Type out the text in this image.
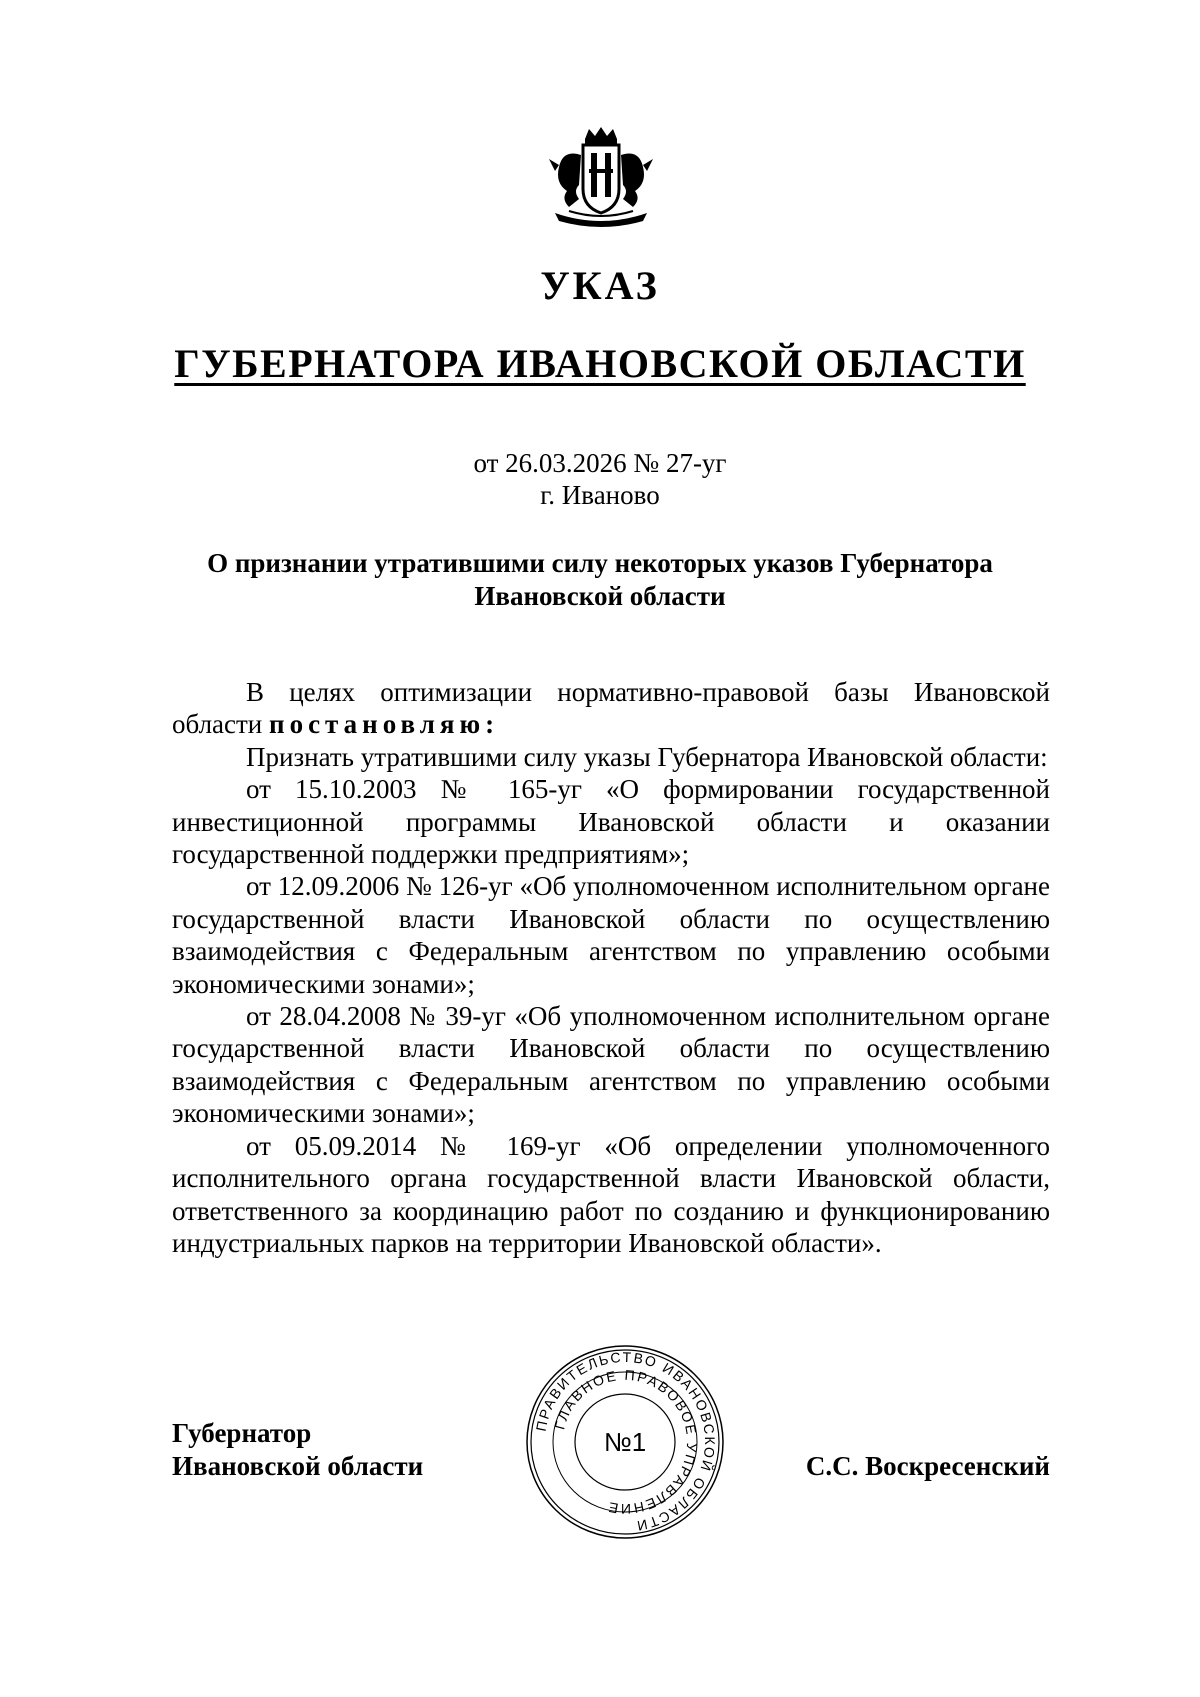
УКАЗ
ГУБЕРНАТОРА ИВАНОВСКОЙ ОБЛАСТИ
от 26.03.2026 № 27-уг
г. Иваново
О признании утратившими силу некоторых указов Губернатора
Ивановской области

В целях оптимизации нормативно-правовой базы Ивановской области постановляю:

Признать утратившими силу указы Губернатора Ивановской области:

от 15.10.2003 № 165-уг «О формировании государственной инвестиционной программы Ивановской области и оказании государственной поддержки предприятиям»;

от 12.09.2006 № 126-уг «Об уполномоченном исполнительном органе государственной власти Ивановской области по осуществлению взаимодействия с Федеральным агентством по управлению особыми экономическими зонами»;

от 28.04.2008 № 39-уг «Об уполномоченном исполнительном органе государственной власти Ивановской области по осуществлению взаимодействия с Федеральным агентством по управлению особыми экономическими зонами»;

от 05.09.2014 № 169-уг «Об определении уполномоченного исполнительного органа государственной власти Ивановской области, ответственного за координацию работ по созданию и функционированию индустриальных парков на территории Ивановской области».

Губернатор
Ивановской области
ПРАВИТЕЛЬСТВО ИВАНОВСКОЙ ОБЛАСТИ
ГЛАВНОЕ ПРАВОВОЕ УПРАВЛЕНИЕ
№1
С.С. Воскресенский
